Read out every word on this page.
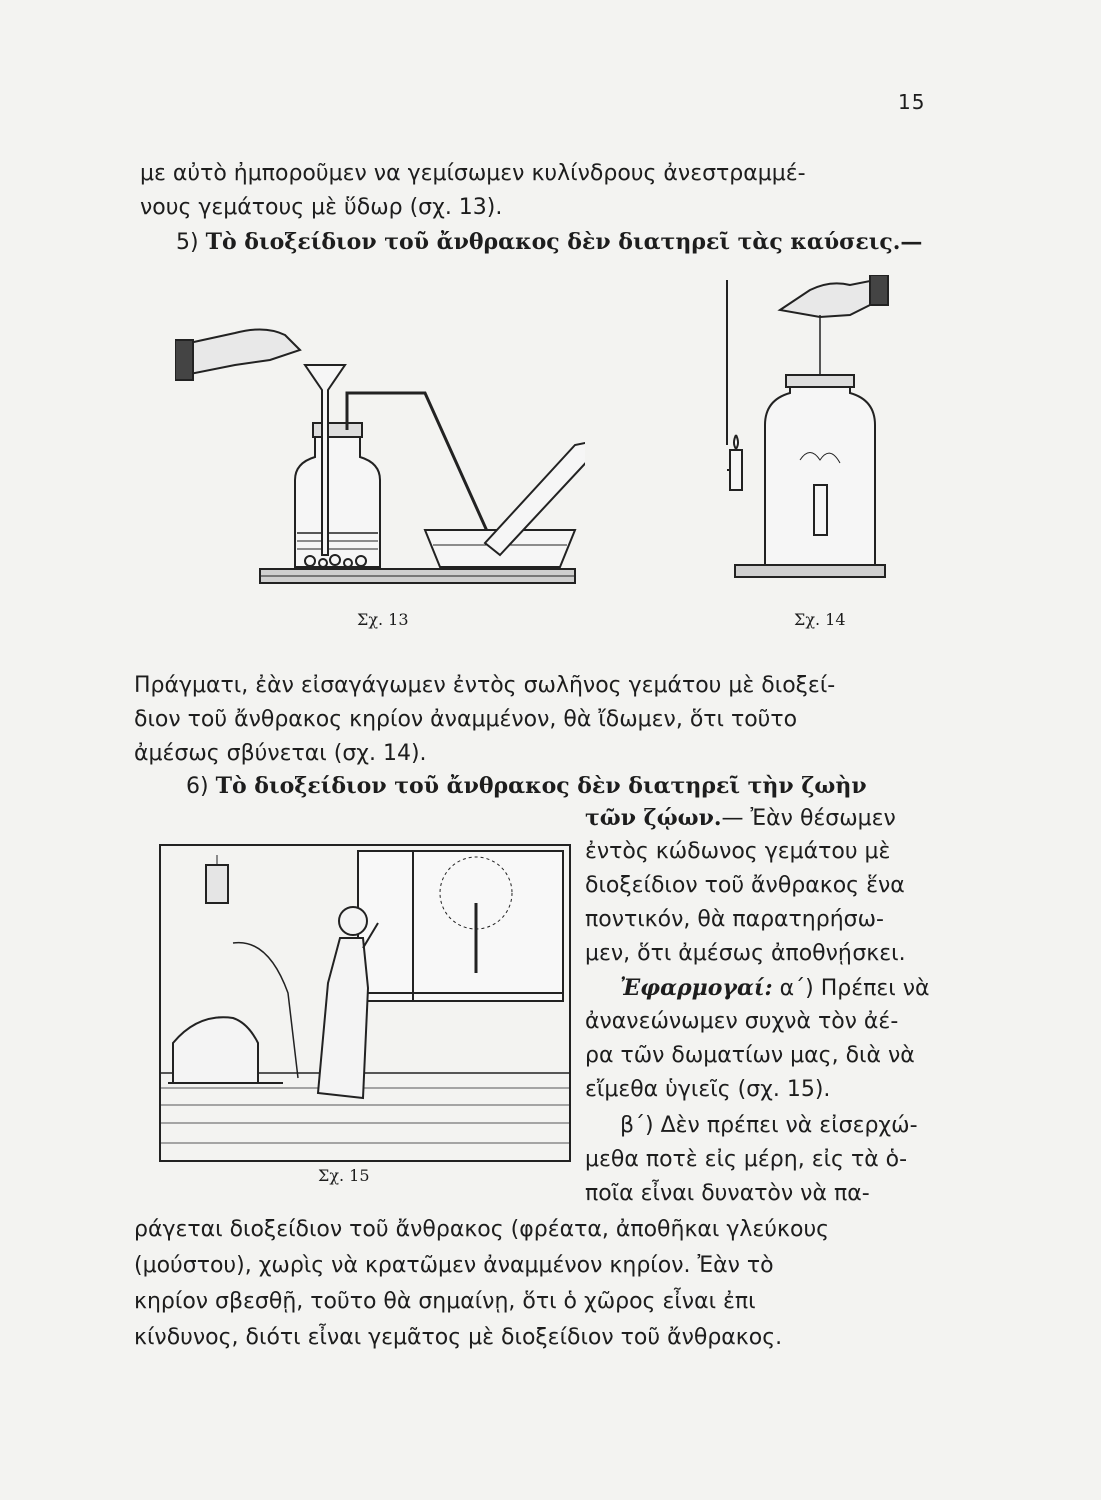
15
με αὐτὸ ἠμποροῦμεν να γεμίσωμεν κυλίνδρους ἀνεστραμμέ-
νους γεμάτους μὲ ὕδωρ (σχ. 13).
5) Τὸ διοξείδιον τοῦ ἄνθρακος δὲν διατηρεῖ τὰς καύσεις.—
Σχ. 13	Σχ. 14
Πράγματι, ἐὰν εἰσαγάγωμεν ἐντὸς σωλῆνος γεμάτου μὲ διοξεί-
διον τοῦ ἄνθρακος κηρίον ἀναμμένον, θὰ ἴδωμεν, ὅτι τοῦτο
ἀμέσως σβύνεται (σχ. 14).
6) Τὸ διοξείδιον τοῦ ἄνθρακος δὲν διατηρεῖ τὴν ζωὴν
τῶν ζῴων.— Ἐὰν θέσωμεν
Σχ. 15
ἐντὸς κώδωνος γεμάτου μὲ
διοξείδιον τοῦ ἄνθρακος ἕνα
ποντικόν, θὰ παρατηρήσω-
μεν, ὅτι ἀμέσως ἀποθνῄσκει.
Ἐφαρμογαί: α΄) Πρέπει νὰ
ἀνανεώνωμεν συχνὰ τὸν ἀέ-
ρα τῶν δωματίων μας, διὰ νὰ
εἴμεθα ὑγιεῖς (σχ. 15).
β΄) Δὲν πρέπει νὰ εἰσερχώ-
μεθα ποτὲ εἰς μέρη, εἰς τὰ ὁ-
ποῖα εἶναι δυνατὸν νὰ πα-
ράγεται διοξείδιον τοῦ ἄνθρακος (φρέατα, ἀποθῆκαι γλεύκους
(μούστου), χωρὶς νὰ κρατῶμεν ἀναμμένον κηρίον. Ἐὰν τὸ
κηρίον σβεσθῇ, τοῦτο θὰ σημαίνῃ, ὅτι ὁ χῶρος εἶναι ἐπι
κίνδυνος, διότι εἶναι γεμᾶτος μὲ διοξείδιον τοῦ ἄνθρακος.
